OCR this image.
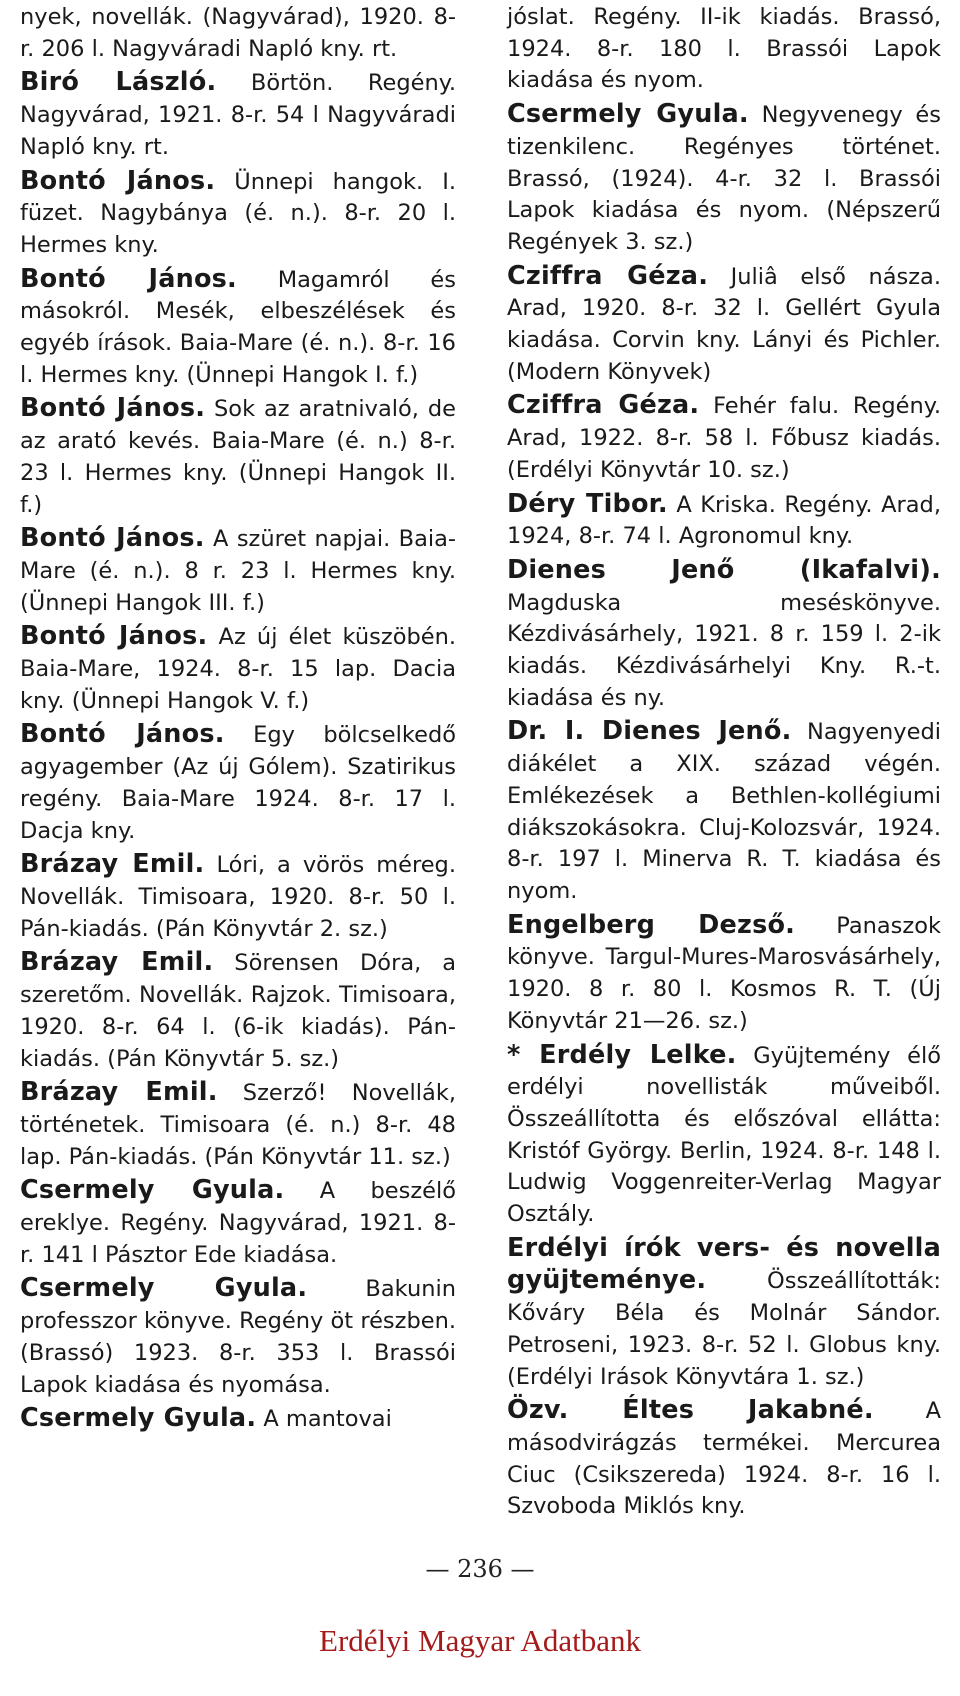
nyek, novellák. (Nagyvárad), 1920. 8-r. 206 l. Nagyváradi Napló kny. rt.

Biró László. Börtön. Regény. Nagyvárad, 1921. 8-r. 54 l Nagyváradi Napló kny. rt.

Bontó János. Ünnepi hangok. I. füzet. Nagybánya (é. n.). 8-r. 20 l. Hermes kny.

Bontó János. Magamról és másokról. Mesék, elbeszélések és egyéb írások. Baia-Mare (é. n.). 8-r. 16 l. Hermes kny. (Ünnepi Hangok I. f.)

Bontó János. Sok az aratnivaló, de az arató kevés. Baia-Mare (é. n.) 8-r. 23 l. Hermes kny. (Ünnepi Hangok II. f.)

Bontó János. A szüret napjai. Baia-Mare (é. n.). 8 r. 23 l. Hermes kny. (Ünnepi Hangok III. f.)

Bontó János. Az új élet küszöbén. Baia-Mare, 1924. 8-r. 15 lap. Dacia kny. (Ünnepi Hangok V. f.)

Bontó János. Egy bölcselkedő agyagember (Az új Gólem). Szatirikus regény. Baia-Mare 1924. 8-r. 17 l. Dacja kny.

Brázay Emil. Lóri, a vörös méreg. Novellák. Timisoara, 1920. 8-r. 50 l. Pán-kiadás. (Pán Könyvtár 2. sz.)

Brázay Emil. Sörensen Dóra, a szeretőm. Novellák. Rajzok. Timisoara, 1920. 8-r. 64 l. (6-ik kiadás). Pán-kiadás. (Pán Könyvtár 5. sz.)

Brázay Emil. Szerző! Novellák, történetek. Timisoara (é. n.) 8-r. 48 lap. Pán-kiadás. (Pán Könyvtár 11. sz.)

Csermely Gyula. A beszélő ereklye. Regény. Nagyvárad, 1921. 8-r. 141 l Pásztor Ede kiadása.

Csermely Gyula.	Bakunin professzor könyve. Regény öt részben. (Brassó) 1923. 8-r. 353 l. Brassói Lapok kiadása és nyomása.

Csermely Gyula. A mantovai

jóslat. Regény. II-ik kiadás. Brassó, 1924. 8-r. 180 l. Brassói Lapok kiadása és nyom.

Csermely Gyula. Negyvenegy és tizenkilenc. Regényes történet. Brassó, (1924). 4-r. 32 l. Brassói Lapok kiadása és nyom. (Népszerű Regények 3. sz.)

Cziffra Géza. Juliâ első násza. Arad, 1920. 8-r. 32 l. Gellért Gyula kiadása. Corvin kny. Lányi és Pichler. (Modern Könyvek)

Cziffra Géza. Fehér falu. Regény. Arad, 1922. 8-r. 58 l. Főbusz kiadás. (Erdélyi Könyvtár 10. sz.)

Déry Tibor. A Kriska. Regény. Arad, 1924, 8-r. 74 l. Agronomul kny.

Dienes Jenő (Ikafalvi). Magduska meséskönyve. Kézdivásárhely, 1921. 8 r. 159 l. 2-ik kiadás. Kézdivásárhelyi Kny. R.-t. kiadása és ny.

Dr. I. Dienes Jenő. Nagyenyedi diákélet a XIX. század végén. Emlékezések a Bethlen-kollégiumi diákszokásokra. Cluj-Kolozsvár, 1924. 8-r. 197 l. Minerva R. T. kiadása és nyom.

Engelberg Dezső. Panaszok könyve. Targul-Mures-Marosvásárhely, 1920. 8 r. 80 l. Kosmos R. T. (Új Könyvtár 21—26. sz.)

* Erdély Lelke. Gyüjtemény élő erdélyi novellisták műveiből. Összeállította és előszóval ellátta: Kristóf György. Berlin, 1924. 8-r. 148 l. Ludwig Voggenreiter-Verlag Magyar Osztály.

Erdélyi írók vers- és novella gyüjteménye.	Összeállították: Kőváry Béla és Molnár Sándor. Petroseni, 1923. 8-r. 52 l. Globus kny. (Erdélyi Irások Könyvtára 1. sz.)

Özv. Éltes Jakabné. A másodvirágzás termékei. Mercurea Ciuc (Csikszereda) 1924. 8-r. 16 l. Szvoboda Miklós kny.

— 236 —
Erdélyi Magyar Adatbank
